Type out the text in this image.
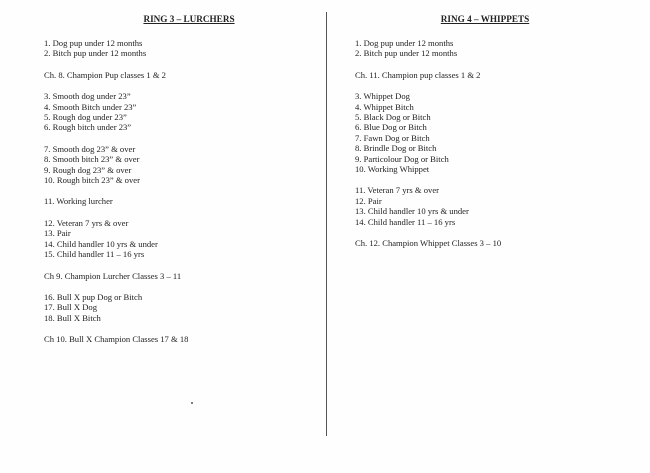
RING 3 – LURCHERS
1. Dog pup under 12 months
2. Bitch pup under 12 months
Ch. 8. Champion Pup classes 1 & 2
3. Smooth dog under 23”
4. Smooth Bitch under 23”
5. Rough dog under 23”
6. Rough bitch under 23”
7. Smooth dog 23” & over
8. Smooth bitch 23” & over
9. Rough dog 23” & over
10. Rough bitch 23” & over
11. Working lurcher
12. Veteran 7 yrs & over
13. Pair
14. Child handler 10 yrs & under
15. Child handler 11 – 16 yrs
Ch 9. Champion Lurcher Classes 3 – 11
16. Bull X pup Dog or Bitch
17. Bull X Dog
18. Bull X Bitch
Ch 10. Bull X Champion Classes 17 & 18
RING 4 – WHIPPETS
1. Dog pup under 12 months
2. Bitch pup under 12 months
Ch. 11. Champion pup classes 1 & 2
3. Whippet Dog
4. Whippet Bitch
5. Black Dog or Bitch
6. Blue Dog or Bitch
7. Fawn Dog or Bitch
8. Brindle Dog or Bitch
9. Particolour Dog or Bitch
10. Working Whippet
11. Veteran 7 yrs & over
12. Pair
13. Child handler 10 yrs & under
14. Child handler 11 – 16 yrs
Ch. 12. Champion Whippet Classes 3 – 10
